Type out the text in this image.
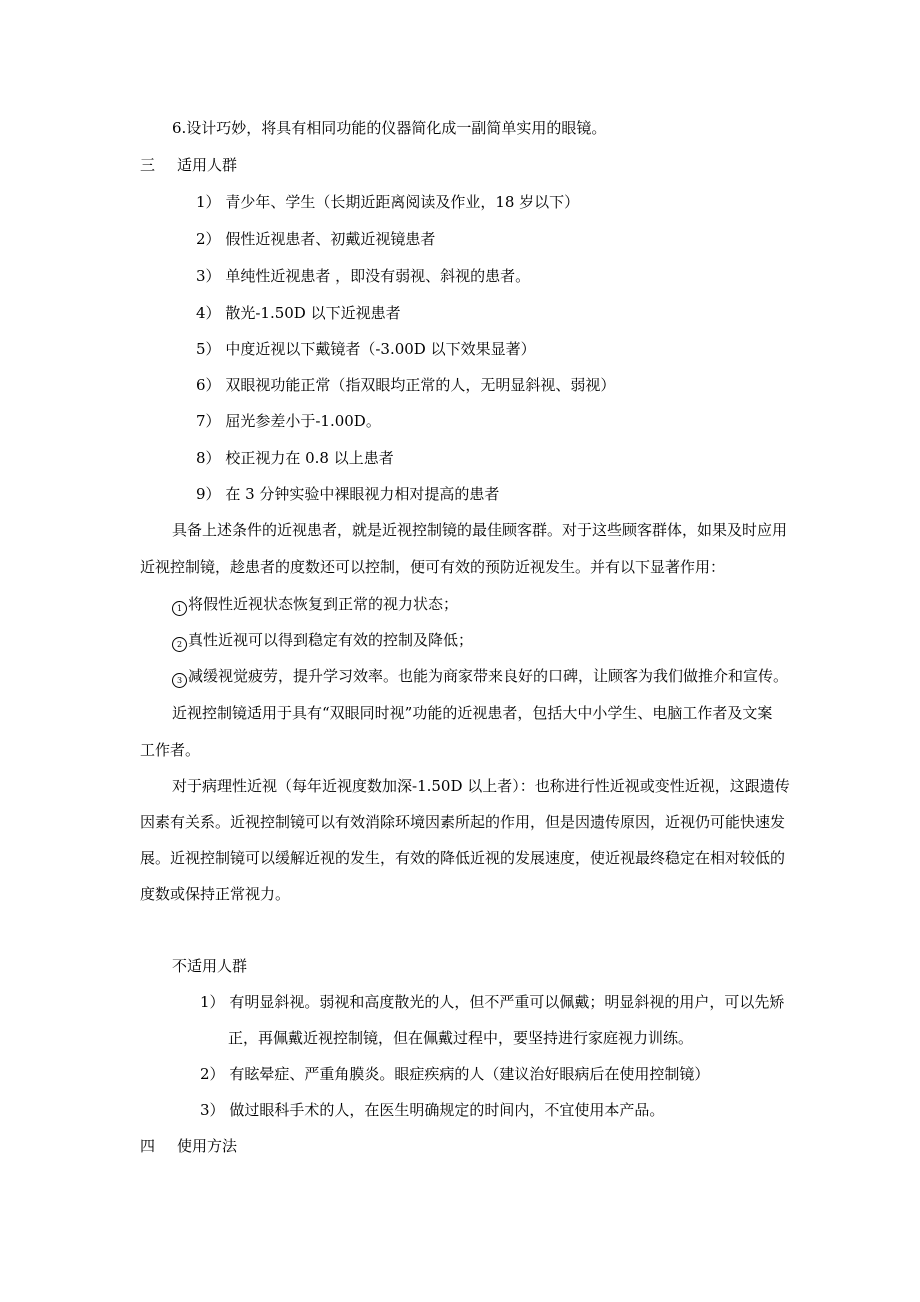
6.设计巧妙，将具有相同功能的仪器简化成一副简单实用的眼镜。
三 适用人群
1） 青少年、学生（长期近距离阅读及作业，18 岁以下）
2） 假性近视患者、初戴近视镜患者
3） 单纯性近视患者 ，即没有弱视、斜视的患者。
4） 散光-1.50D 以下近视患者
5） 中度近视以下戴镜者（-3.00D 以下效果显著）
6） 双眼视功能正常（指双眼均正常的人，无明显斜视、弱视）
7） 屈光参差小于-1.00D。
8） 校正视力在 0.8 以上患者
9） 在 3 分钟实验中裸眼视力相对提高的患者
具备上述条件的近视患者，就是近视控制镜的最佳顾客群。对于这些顾客群体，如果及时应用
近视控制镜，趁患者的度数还可以控制，便可有效的预防近视发生。并有以下显著作用：
1 将假性近视状态恢复到正常的视力状态；
2 真性近视可以得到稳定有效的控制及降低；
3 减缓视觉疲劳，提升学习效率。也能为商家带来良好的口碑，让顾客为我们做推介和宣传。
近视控制镜适用于具有“双眼同时视”功能的近视患者，包括大中小学生、电脑工作者及文案
工作者。
对于病理性近视（每年近视度数加深-1.50D 以上者）：也称进行性近视或变性近视，这跟遗传
因素有关系。近视控制镜可以有效消除环境因素所起的作用，但是因遗传原因，近视仍可能快速发
展。近视控制镜可以缓解近视的发生，有效的降低近视的发展速度，使近视最终稳定在相对较低的
度数或保持正常视力。
不适用人群
1） 有明显斜视。弱视和高度散光的人，但不严重可以佩戴；明显斜视的用户，可以先矫
正，再佩戴近视控制镜，但在佩戴过程中，要坚持进行家庭视力训练。
2） 有眩晕症、严重角膜炎。眼症疾病的人（建议治好眼病后在使用控制镜）
3） 做过眼科手术的人，在医生明确规定的时间内，不宜使用本产品。
四 使用方法
